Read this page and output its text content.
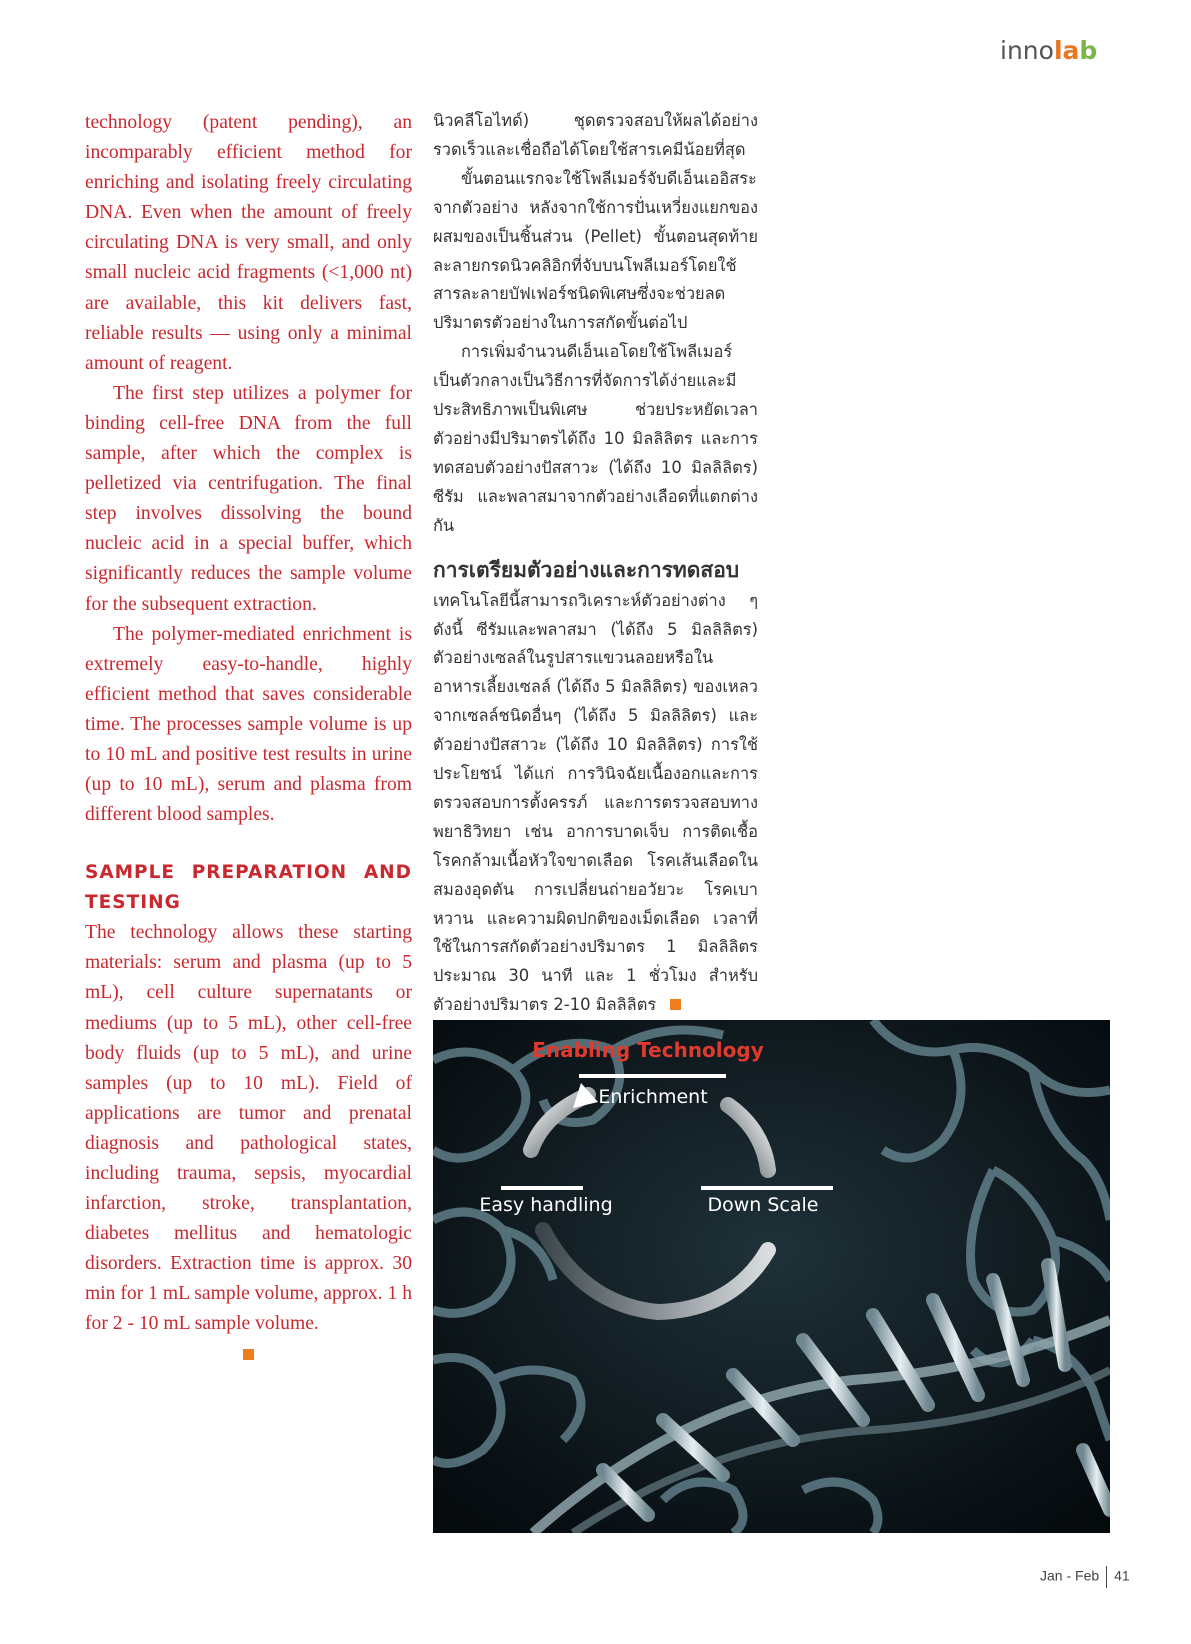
innolab

technology (patent pending), an incomparably efficient method for enriching and isolating freely circulating DNA. Even when the amount of freely circulating DNA is very small, and only small nucleic acid fragments (<1,000 nt) are available, this kit delivers fast, reliable results — using only a minimal amount of reagent.

The first step utilizes a polymer for binding cell-free DNA from the full sample, after which the complex is pelletized via centrifugation. The final step involves dissolving the bound nucleic acid in a special buffer, which significantly reduces the sample volume for the subsequent extraction.

The polymer-mediated enrichment is extremely easy-to-handle, highly efficient method that saves considerable time. The processes sample volume is up to 10 mL and positive test results in urine (up to 10 mL), serum and plasma from different blood samples.

SAMPLE PREPARATION AND TESTING

The technology allows these starting materials: serum and plasma (up to 5 mL), cell culture supernatants or mediums (up to 5 mL), other cell-free body fluids (up to 5 mL), and urine samples (up to 10 mL). Field of applications are tumor and prenatal diagnosis and pathological states, including trauma, sepsis, myocardial infarction, stroke, transplantation, diabetes mellitus and hematologic disorders. Extraction time is approx. 30 min for 1 mL sample volume, approx. 1 h for 2 - 10 mL sample volume.

นิวคลีโอไทด์) ชุดตรวจสอบให้ผลได้อย่างรวดเร็วและเชื่อถือได้โดยใช้สารเคมีน้อยที่สุด

ขั้นตอนแรกจะใช้โพลีเมอร์จับดีเอ็นเออิสระจากตัวอย่าง หลังจากใช้การปั่นเหวี่ยงแยกของผสมของเป็นชิ้นส่วน (Pellet) ขั้นตอนสุดท้าย ละลายกรดนิวคลิอิกที่จับบนโพลีเมอร์โดยใช้สารละลายบัฟเฟอร์ชนิดพิเศษซึ่งจะช่วยลดปริมาตรตัวอย่างในการสกัดขั้นต่อไป

การเพิ่มจำนวนดีเอ็นเอโดยใช้โพลีเมอร์เป็นตัวกลางเป็นวิธีการที่จัดการได้ง่ายและมีประสิทธิภาพเป็นพิเศษ ช่วยประหยัดเวลา ตัวอย่างมีปริมาตรได้ถึง 10 มิลลิลิตร และการทดสอบตัวอย่างปัสสาวะ (ได้ถึง 10 มิลลิลิตร) ซีรัม และพลาสมาจากตัวอย่างเลือดที่แตกต่างกัน

การเตรียมตัวอย่างและการทดสอบ

เทคโนโลยีนี้สามารถวิเคราะห์ตัวอย่างต่าง ๆ ดังนี้ ซีรัมและพลาสมา (ได้ถึง 5 มิลลิลิตร) ตัวอย่างเซลล์ในรูปสารแขวนลอยหรือในอาหารเลี้ยงเซลล์ (ได้ถึง 5 มิลลิลิตร) ของเหลวจากเซลล์ชนิดอื่นๆ (ได้ถึง 5 มิลลิลิตร) และตัวอย่างปัสสาวะ (ได้ถึง 10 มิลลิลิตร) การใช้ประโยชน์ ได้แก่ การวินิจฉัยเนื้องอกและการตรวจสอบการตั้งครรภ์ และการตรวจสอบทางพยาธิวิทยา เช่น อาการบาดเจ็บ การติดเชื้อ โรคกล้ามเนื้อหัวใจขาดเลือด โรคเส้นเลือดในสมองอุดตัน การเปลี่ยนถ่ายอวัยวะ โรคเบาหวาน และความผิดปกติของเม็ดเลือด เวลาที่ใช้ในการสกัดตัวอย่างปริมาตร 1 มิลลิลิตร ประมาณ 30 นาที และ 1 ชั่วโมง สำหรับตัวอย่างปริมาตร 2-10 มิลลิลิตร

Enabling Technology
Enrichment
Easy handling	Down Scale
Jan - Feb 41
